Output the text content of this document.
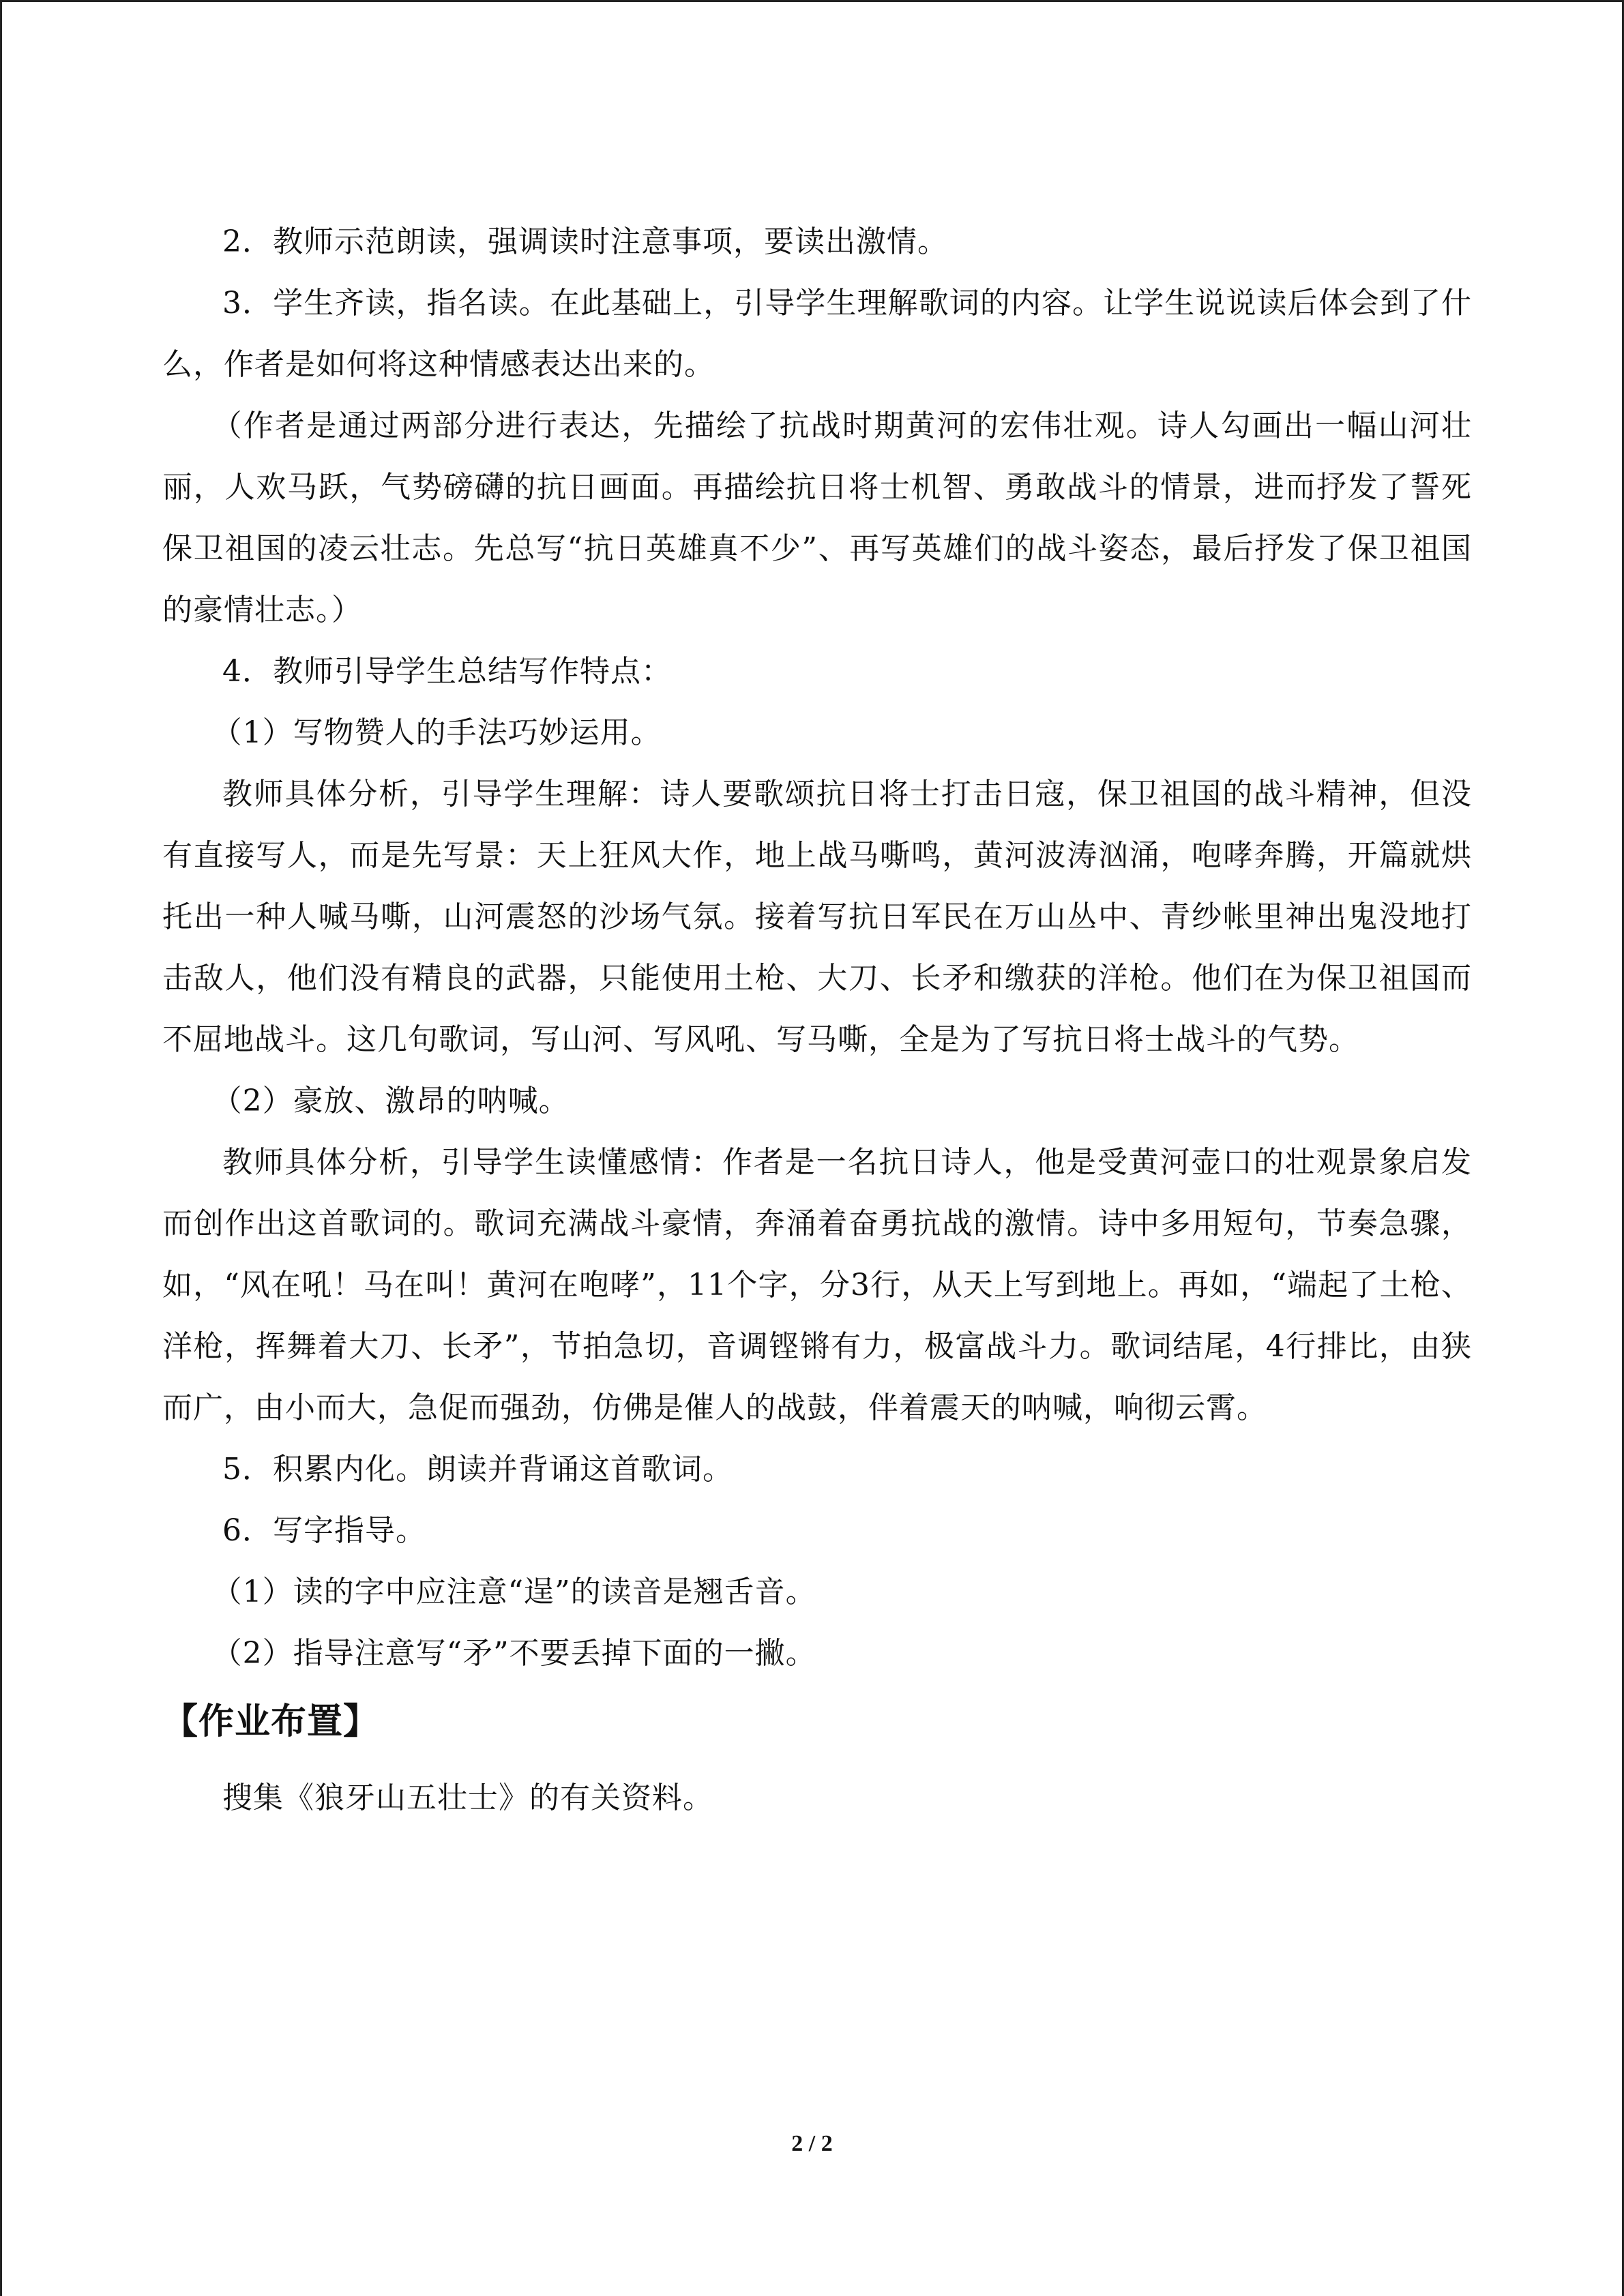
2．教师示范朗读，强调读时注意事项，要读出激情。

3．学生齐读，指名读。在此基础上，引导学生理解歌词的内容。让学生说说读后体会到了什么，作者是如何将这种情感表达出来的。

（作者是通过两部分进行表达，先描绘了抗战时期黄河的宏伟壮观。诗人勾画出一幅山河壮丽，人欢马跃，气势磅礴的抗日画面。再描绘抗日将士机智、勇敢战斗的情景，进而抒发了誓死保卫祖国的凌云壮志。先总写“抗日英雄真不少”、再写英雄们的战斗姿态，最后抒发了保卫祖国的豪情壮志。）

4．教师引导学生总结写作特点：

（1）写物赞人的手法巧妙运用。

教师具体分析，引导学生理解：诗人要歌颂抗日将士打击日寇，保卫祖国的战斗精神，但没有直接写人，而是先写景：天上狂风大作，地上战马嘶鸣，黄河波涛汹涌，咆哮奔腾，开篇就烘托出一种人喊马嘶，山河震怒的沙场气氛。接着写抗日军民在万山丛中、青纱帐里神出鬼没地打击敌人，他们没有精良的武器，只能使用土枪、大刀、长矛和缴获的洋枪。他们在为保卫祖国而不屈地战斗。这几句歌词，写山河、写风吼、写马嘶，全是为了写抗日将士战斗的气势。

（2）豪放、激昂的呐喊。

教师具体分析，引导学生读懂感情：作者是一名抗日诗人，他是受黄河壶口的壮观景象启发而创作出这首歌词的。歌词充满战斗豪情，奔涌着奋勇抗战的激情。诗中多用短句，节奏急骤，如，“风在吼！马在叫！黄河在咆哮”，11个字，分3行，从天上写到地上。再如，“端起了土枪、洋枪，挥舞着大刀、长矛”，节拍急切，音调铿锵有力，极富战斗力。歌词结尾，4行排比，由狭而广，由小而大，急促而强劲，仿佛是催人的战鼓，伴着震天的呐喊，响彻云霄。

5．积累内化。朗读并背诵这首歌词。

6．写字指导。

（1）读的字中应注意“逞”的读音是翘舌音。

（2）指导注意写“矛”不要丢掉下面的一撇。

【作业布置】

搜集《狼牙山五壮士》的有关资料。

2 / 2
